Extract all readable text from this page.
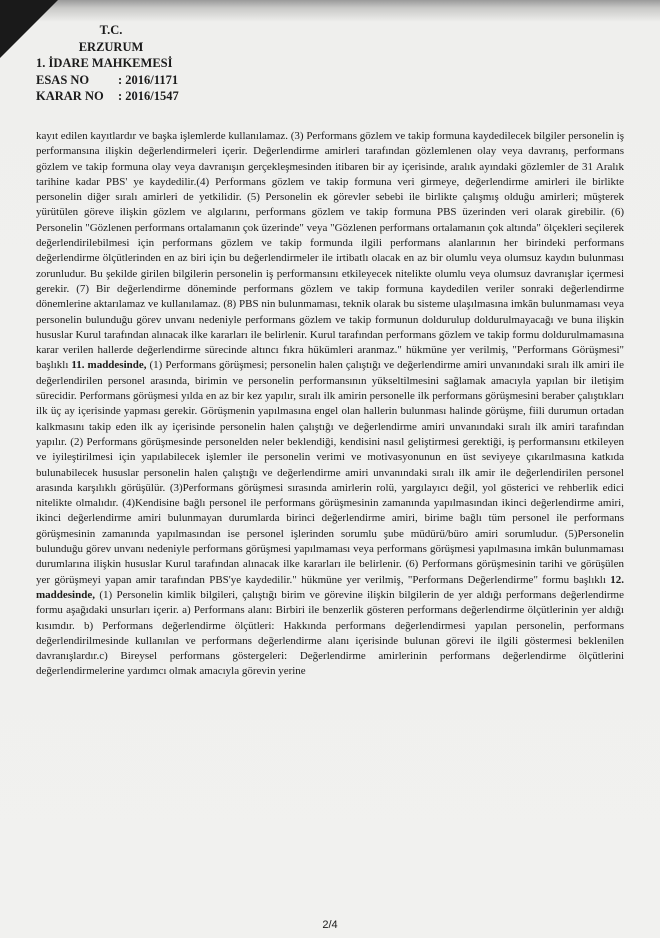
T.C.
ERZURUM
1. İDARE MAHKEMESİ
ESAS NO	: 2016/1171
KARAR NO	: 2016/1547

kayıt edilen kayıtlardır ve başka işlemlerde kullanılamaz. (3) Performans gözlem ve takip formuna kaydedilecek bilgiler personelin iş performansına ilişkin değerlendirmeleri içerir. Değerlendirme amirleri tarafından gözlemlenen olay veya davranış, performans gözlem ve takip formuna olay veya davranışın gerçekleşmesinden itibaren bir ay içerisinde, aralık ayındaki gözlemler de 31 Aralık tarihine kadar PBS' ye kaydedilir.(4) Performans gözlem ve takip formuna veri girmeye, değerlendirme amirleri ile birlikte personelin diğer sıralı amirleri de yetkilidir. (5) Personelin ek görevler sebebi ile birlikte çalışmış olduğu amirleri; müşterek yürütülen göreve ilişkin gözlem ve algılarını, performans gözlem ve takip formuna PBS üzerinden veri olarak girebilir. (6) Personelin "Gözlenen performans ortalamanın çok üzerinde" veya "Gözlenen performans ortalamanın çok altında" ölçekleri seçilerek değerlendirilebilmesi için performans gözlem ve takip formunda ilgili performans alanlarının her birindeki performans değerlendirme ölçütlerinden en az biri için bu değerlendirmeler ile irtibatlı olacak en az bir olumlu veya olumsuz kaydın bulunması zorunludur. Bu şekilde girilen bilgilerin personelin iş performansını etkileyecek nitelikte olumlu veya olumsuz davranışlar içermesi gerekir. (7) Bir değerlendirme döneminde performans gözlem ve takip formuna kaydedilen veriler sonraki değerlendirme dönemlerine aktarılamaz ve kullanılamaz. (8) PBS nin bulunmaması, teknik olarak bu sisteme ulaşılmasına imkân bulunmaması veya personelin bulunduğu görev unvanı nedeniyle performans gözlem ve takip formunun doldurulup doldurulmayacağı ve buna ilişkin hususlar Kurul tarafından alınacak ilke kararları ile belirlenir. Kurul tarafından performans gözlem ve takip formu doldurulmamasına karar verilen hallerde değerlendirme sürecinde altıncı fıkra hükümleri aranmaz." hükmüne yer verilmiş, "Performans Görüşmesi" başlıklı 11. maddesinde, (1) Performans görüşmesi; personelin halen çalıştığı ve değerlendirme amiri unvanındaki sıralı ilk amiri ile değerlendirilen personel arasında, birimin ve personelin performansının yükseltilmesini sağlamak amacıyla yapılan bir iletişim sürecidir. Performans görüşmesi yılda en az bir kez yapılır, sıralı ilk amirin personelle ilk performans görüşmesini beraber çalıştıkları ilk üç ay içerisinde yapması gerekir. Görüşmenin yapılmasına engel olan hallerin bulunması halinde görüşme, fiili durumun ortadan kalkmasını takip eden ilk ay içerisinde personelin halen çalıştığı ve değerlendirme amiri unvanındaki sıralı ilk amiri tarafından yapılır. (2) Performans görüşmesinde personelden neler beklendiği, kendisini nasıl geliştirmesi gerektiği, iş performansını etkileyen ve iyileştirilmesi için yapılabilecek işlemler ile personelin verimi ve motivasyonunun en üst seviyeye çıkarılmasına katkıda bulunabilecek hususlar personelin halen çalıştığı ve değerlendirme amiri unvanındaki sıralı ilk amir ile değerlendirilen personel arasında karşılıklı görüşülür. (3)Performans görüşmesi sırasında amirlerin rolü, yargılayıcı değil, yol gösterici ve rehberlik edici nitelikte olmalıdır. (4)Kendisine bağlı personel ile performans görüşmesinin zamanında yapılmasından ikinci değerlendirme amiri, ikinci değerlendirme amiri bulunmayan durumlarda birinci değerlendirme amiri, birime bağlı tüm personel ile performans görüşmesinin zamanında yapılmasından ise personel işlerinden sorumlu şube müdürü/büro amiri sorumludur. (5)Personelin bulunduğu görev unvanı nedeniyle performans görüşmesi yapılmaması veya performans görüşmesi yapılmasına imkân bulunmaması durumlarına ilişkin hususlar Kurul tarafından alınacak ilke kararları ile belirlenir. (6) Performans görüşmesinin tarihi ve görüşülen yer görüşmeyi yapan amir tarafından PBS'ye kaydedilir." hükmüne yer verilmiş, "Performans Değerlendirme" formu başlıklı 12. maddesinde, (1) Personelin kimlik bilgileri, çalıştığı birim ve görevine ilişkin bilgilerin de yer aldığı performans değerlendirme formu aşağıdaki unsurları içerir. a) Performans alanı: Birbiri ile benzerlik gösteren performans değerlendirme ölçütlerinin yer aldığı kısımdır. b) Performans değerlendirme ölçütleri: Hakkında performans değerlendirmesi yapılan personelin, performans değerlendirilmesinde kullanılan ve performans değerlendirme alanı içerisinde bulunan görevi ile ilgili göstermesi beklenilen davranışlardır.c) Bireysel performans göstergeleri: Değerlendirme amirlerinin performans değerlendirme ölçütlerini değerlendirmelerine yardımcı olmak amacıyla görevin yerine

2/4
